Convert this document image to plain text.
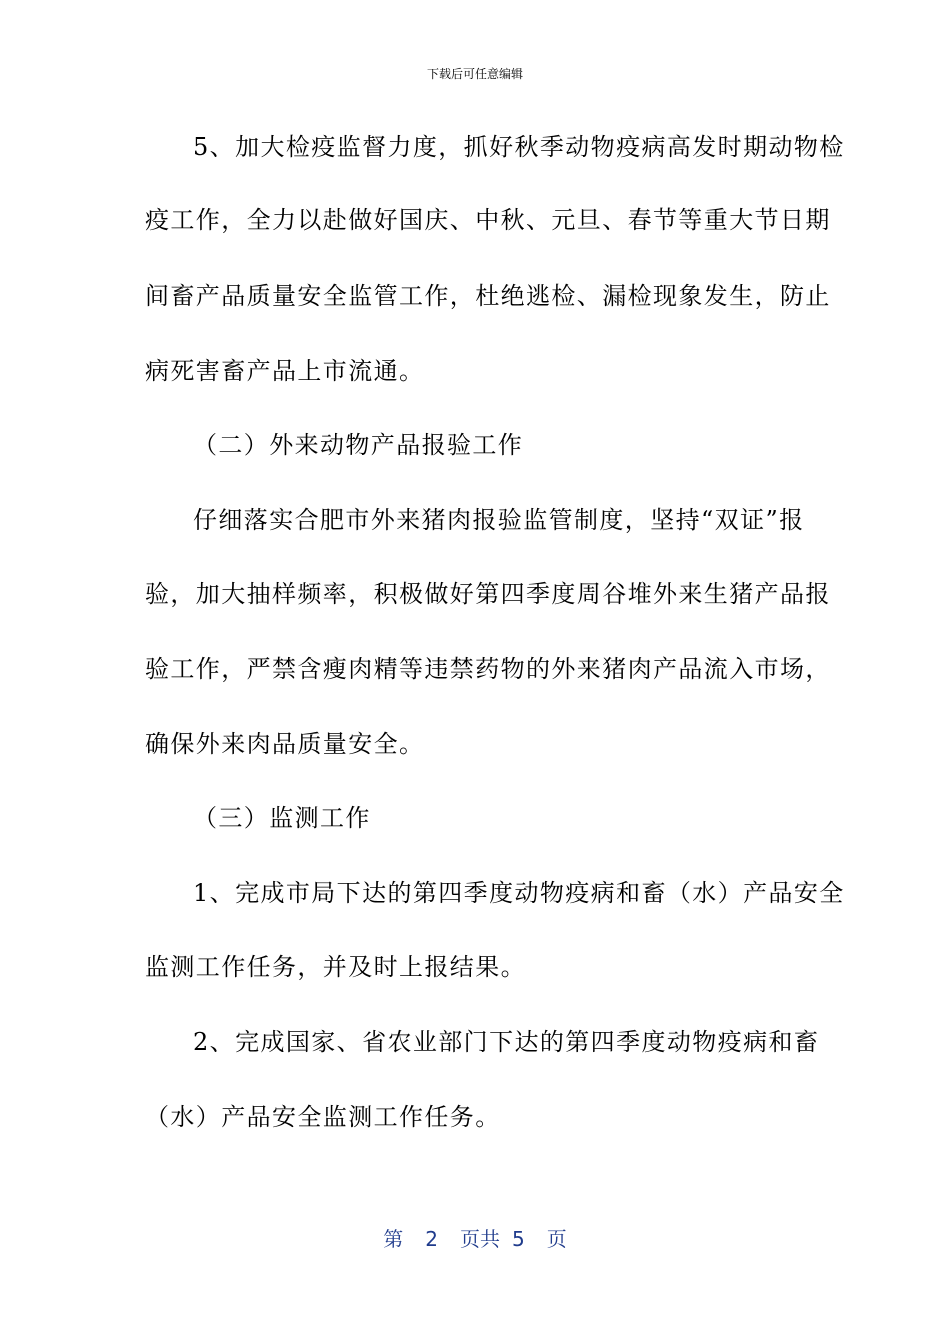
下载后可任意编辑
5、加大检疫监督力度，抓好秋季动物疫病高发时期动物检
疫工作，全力以赴做好国庆、中秋、元旦、春节等重大节日期
间畜产品质量安全监管工作，杜绝逃检、漏检现象发生，防止
病死害畜产品上市流通。
（二）外来动物产品报验工作
仔细落实合肥市外来猪肉报验监管制度，坚持“双证”报
验，加大抽样频率，积极做好第四季度周谷堆外来生猪产品报
验工作，严禁含瘦肉精等违禁药物的外来猪肉产品流入市场，
确保外来肉品质量安全。
（三）监测工作
1、完成市局下达的第四季度动物疫病和畜（水）产品安全
监测工作任务，并及时上报结果。
2、完成国家、省农业部门下达的第四季度动物疫病和畜
（水）产品安全监测工作任务。
第 2 页共 5 页
